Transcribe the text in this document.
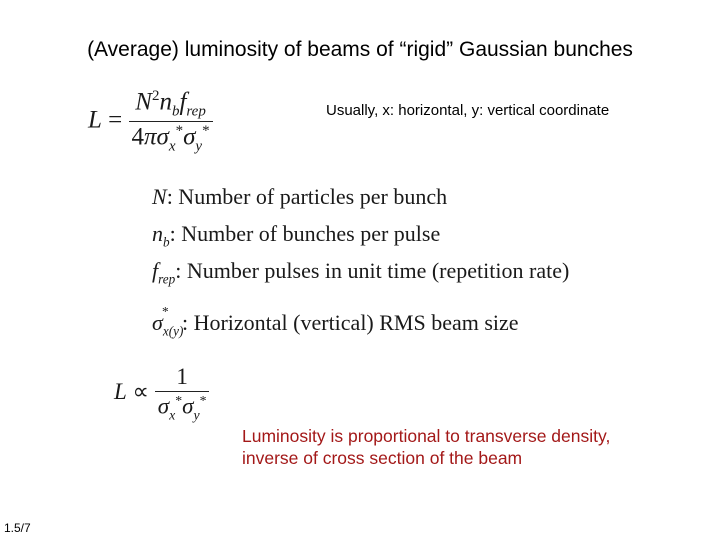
(Average) luminosity of beams of “rigid” Gaussian bunches
Usually, x: horizontal, y: vertical coordinate
$L = \frac{N^2n_bf_{rep}}{4\pi\sigma_x^*\sigma_y^*}$
N: Number of particles per bunch
$n_b$: Number of bunches per pulse
$f_{rep}$: Number pulses in unit time (repetition rate)
$\sigma_{x(y)}^*$ : Horizontal (vertical) RMS beam size
$L \propto \frac{1}{\sigma_x^*\sigma_y^*}$
Luminosity is proportional to transverse density,
inverse of cross section of the beam
1.5/7
